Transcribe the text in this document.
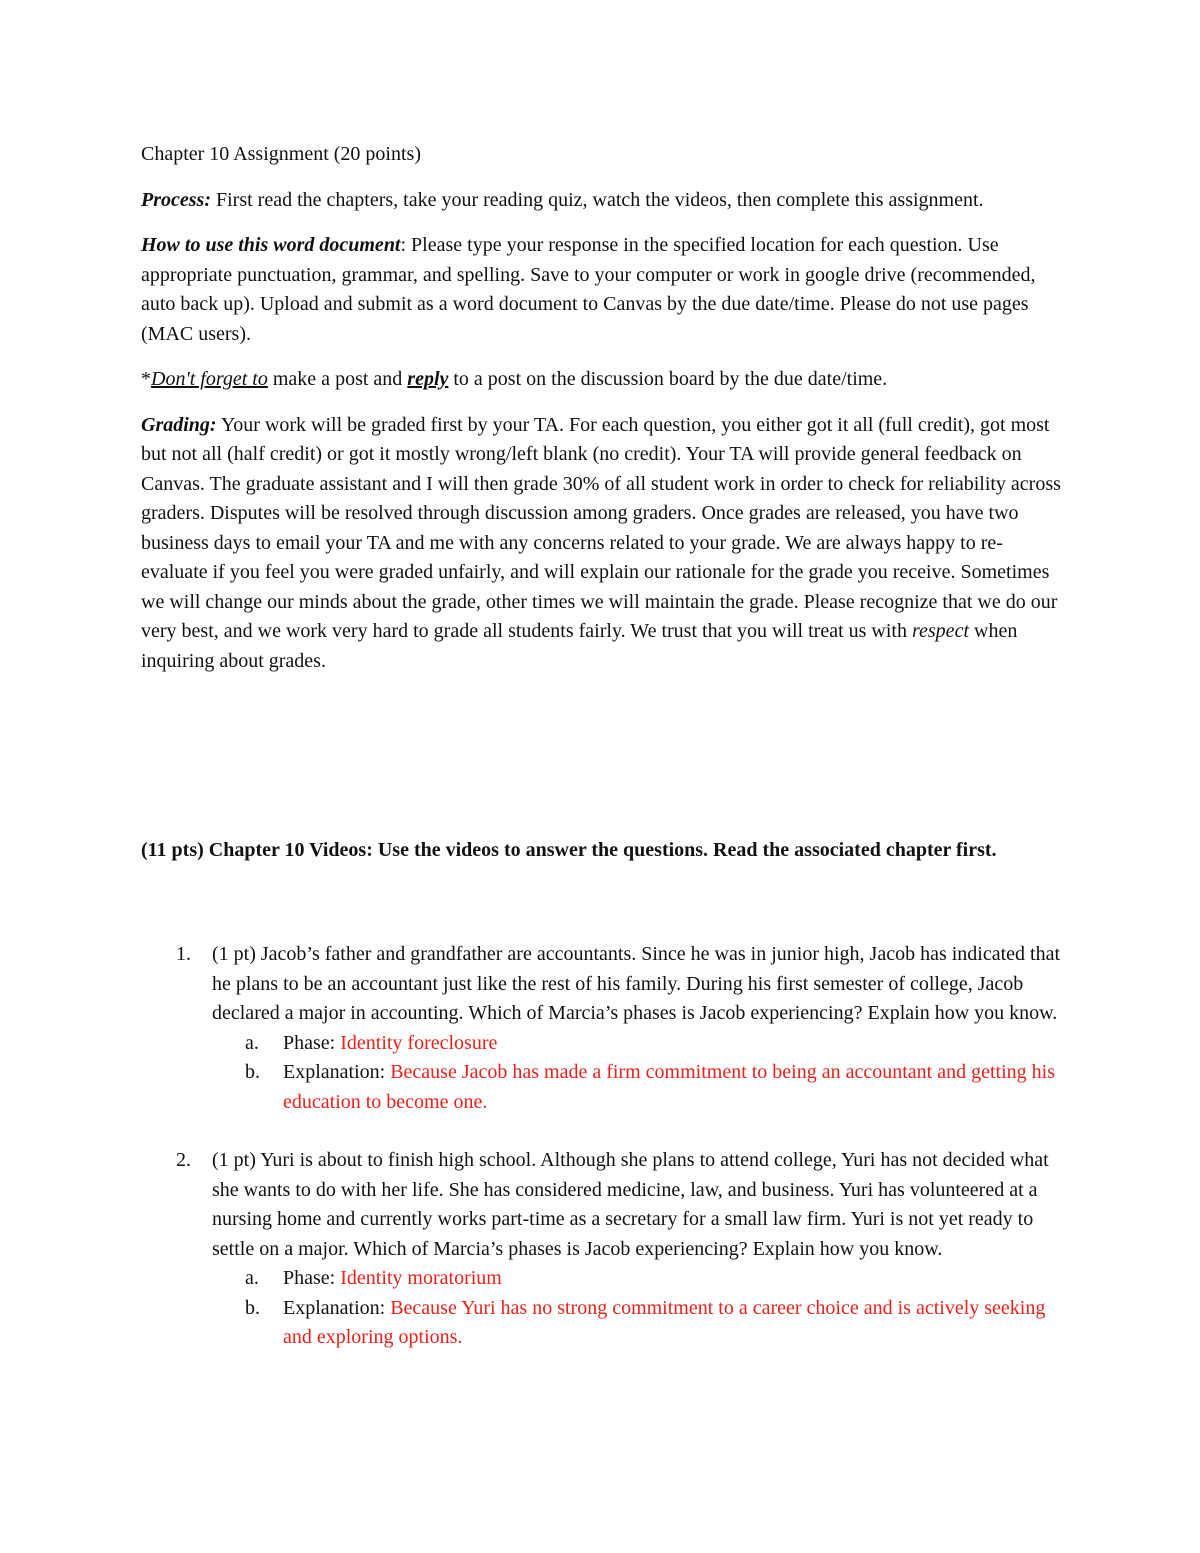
Chapter 10 Assignment (20 points)

Process: First read the chapters, take your reading quiz, watch the videos, then complete this assignment.

How to use this word document: Please type your response in the specified location for each question. Use appropriate punctuation, grammar, and spelling. Save to your computer or work in google drive (recommended, auto back up). Upload and submit as a word document to Canvas by the due date/time. Please do not use pages (MAC users).

*Don't forget to make a post and reply to a post on the discussion board by the due date/time.

Grading: Your work will be graded first by your TA. For each question, you either got it all (full credit), got most but not all (half credit) or got it mostly wrong/left blank (no credit). Your TA will provide general feedback on Canvas. The graduate assistant and I will then grade 30% of all student work in order to check for reliability across graders. Disputes will be resolved through discussion among graders. Once grades are released, you have two business days to email your TA and me with any concerns related to your grade. We are always happy to re-evaluate if you feel you were graded unfairly, and will explain our rationale for the grade you receive. Sometimes we will change our minds about the grade, other times we will maintain the grade. Please recognize that we do our very best, and we work very hard to grade all students fairly. We trust that you will treat us with respect when inquiring about grades.

(11 pts) Chapter 10 Videos: Use the videos to answer the questions. Read the associated chapter first.

1.	(1 pt) Jacob’s father and grandfather are accountants. Since he was in junior high, Jacob has indicated that he plans to be an accountant just like the rest of his family. During his first semester of college, Jacob declared a major in accounting. Which of Marcia’s phases is Jacob experiencing? Explain how you know.

a.	Phase: Identity foreclosure
b.	Explanation: Because Jacob has made a firm commitment to being an accountant and getting his education to become one.
2.	(1 pt) Yuri is about to finish high school. Although she plans to attend college, Yuri has not decided what she wants to do with her life. She has considered medicine, law, and business. Yuri has volunteered at a nursing home and currently works part-time as a secretary for a small law firm. Yuri is not yet ready to settle on a major. Which of Marcia’s phases is Jacob experiencing? Explain how you know.

a.	Phase: Identity moratorium
b.	Explanation: Because Yuri has no strong commitment to a career choice and is actively seeking and exploring options.
